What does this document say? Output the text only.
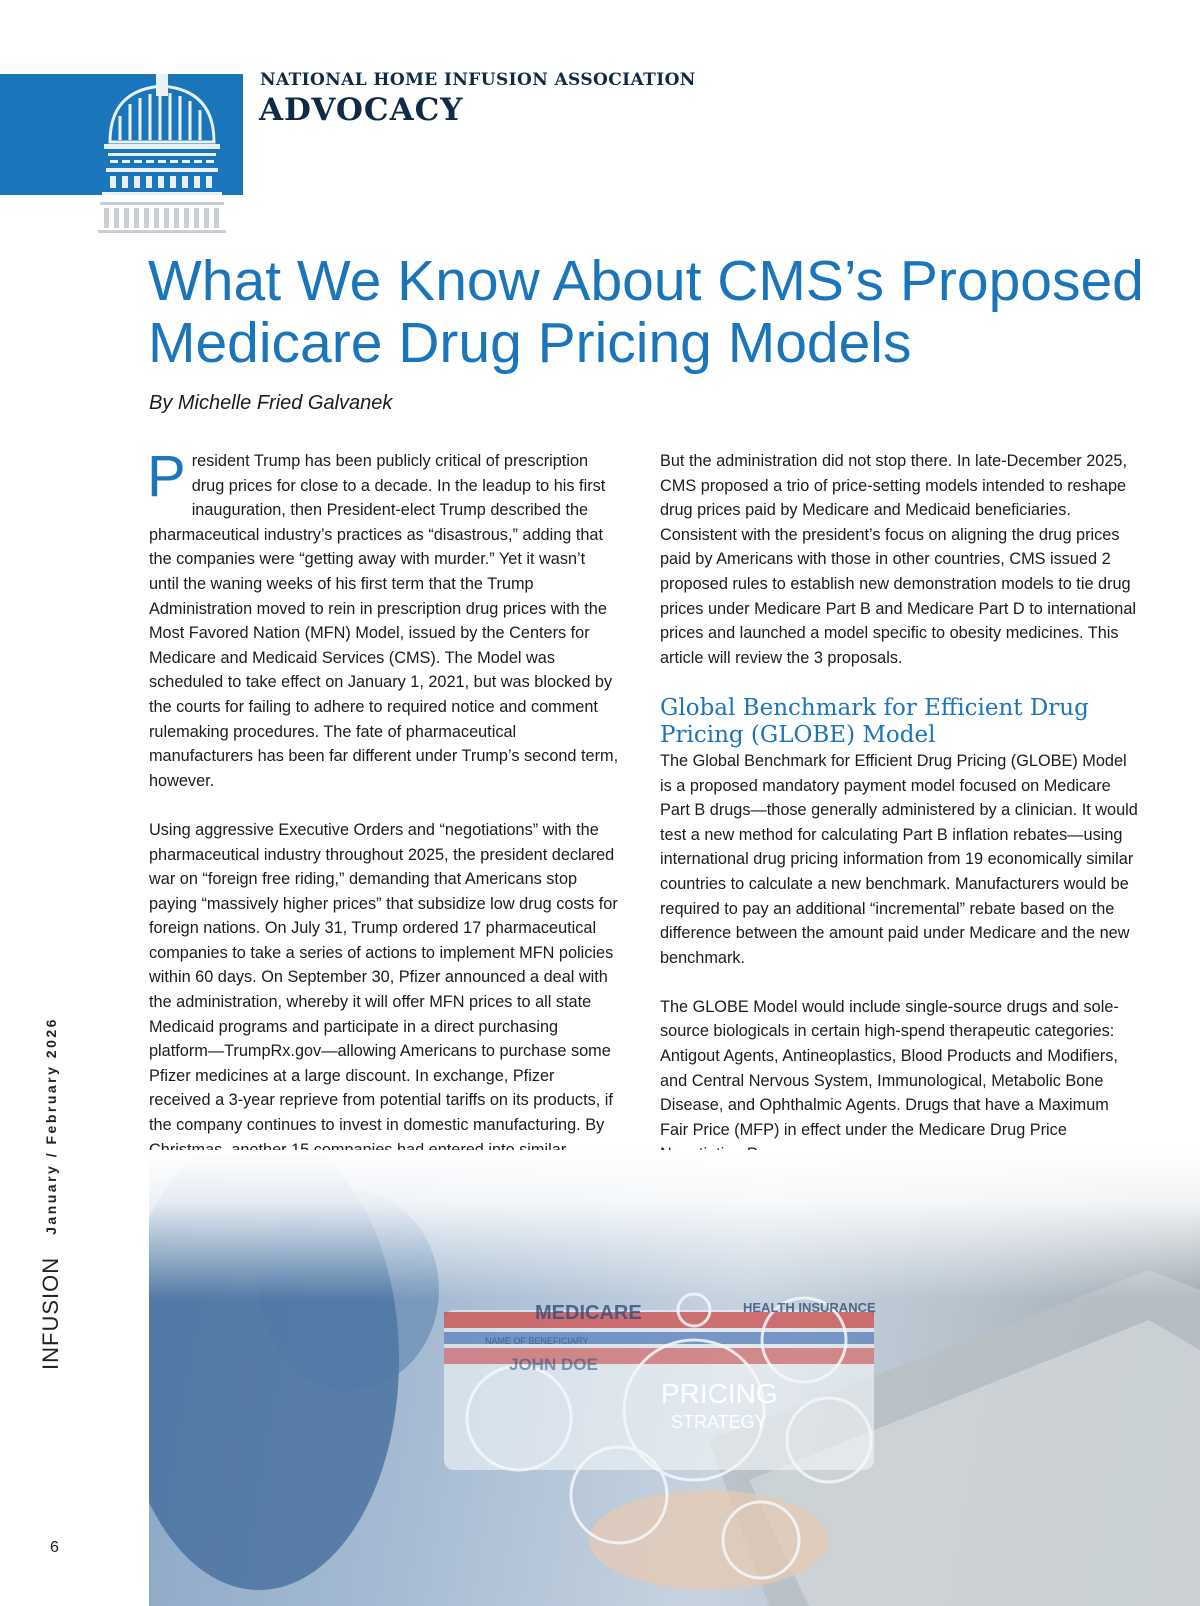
NATIONAL HOME INFUSION ASSOCIATION
ADVOCACY
What We Know About CMS’s Proposed Medicare Drug Pricing Models
By Michelle Fried Galvanek

President Trump has been publicly critical of prescription drug prices for close to a decade. In the leadup to his first inauguration, then President-elect Trump described the pharmaceutical industry’s practices as “disastrous,” adding that the companies were “getting away with murder.” Yet it wasn’t until the waning weeks of his first term that the Trump Administration moved to rein in prescription drug prices with the Most Favored Nation (MFN) Model, issued by the Centers for Medicare and Medicaid Services (CMS). The Model was scheduled to take effect on January 1, 2021, but was blocked by the courts for failing to adhere to required notice and comment rulemaking procedures. The fate of pharmaceutical manufacturers has been far different under Trump’s second term, however.

Using aggressive Executive Orders and “negotiations” with the pharmaceutical industry throughout 2025, the president declared war on “foreign free riding,” demanding that Americans stop paying “massively higher prices” that subsidize low drug costs for foreign nations. On July 31, Trump ordered 17 pharmaceutical companies to take a series of actions to implement MFN policies within 60 days. On September 30, Pfizer announced a deal with the administration, whereby it will offer MFN prices to all state Medicaid programs and participate in a direct purchasing platform—TrumpRx.gov—allowing Americans to purchase some Pfizer medicines at a large discount. In exchange, Pfizer received a 3-year reprieve from potential tariffs on its products, if the company continues to invest in domestic manufacturing. By

But the administration did not stop there. In late-December 2025, CMS proposed a trio of price-setting models intended to reshape drug prices paid by Medicare and Medicaid beneficiaries. Consistent with the president’s focus on aligning the drug prices paid by Americans with those in other countries, CMS issued 2 proposed rules to establish new demonstration models to tie drug prices under Medicare Part B and Medicare Part D to international prices and launched a model specific to obesity medicines. This article will review the 3 proposals.

Global Benchmark for Efficient Drug Pricing (GLOBE) Model

The Global Benchmark for Efficient Drug Pricing (GLOBE) Model is a proposed mandatory payment model focused on Medicare Part B drugs—those generally administered by a clinician. It would test a new method for calculating Part B inflation rebates—using international drug pricing information from 19 economically similar countries to calculate a new benchmark. Manufacturers would be required to pay an additional “incremental” rebate based on the difference between the amount paid under Medicare and the new benchmark.

The GLOBE Model would include single-source drugs and sole-source biologicals in certain high-spend therapeutic categories: Antigout Agents, Antineoplastics, Blood Products and Modifiers, and Central Nervous System, Immunological, Metabolic Bone Disease, and Ophthalmic Agents. Drugs that have a Maximum Fair Price (MFP) in effect under the Medicare Drug Price

MEDICARE	HEALTH INSURANCE
NAME OF BENEFICIARY
JOHN DOE
PRICING
STRATEGY
INFUSION
January / February 2026
6
